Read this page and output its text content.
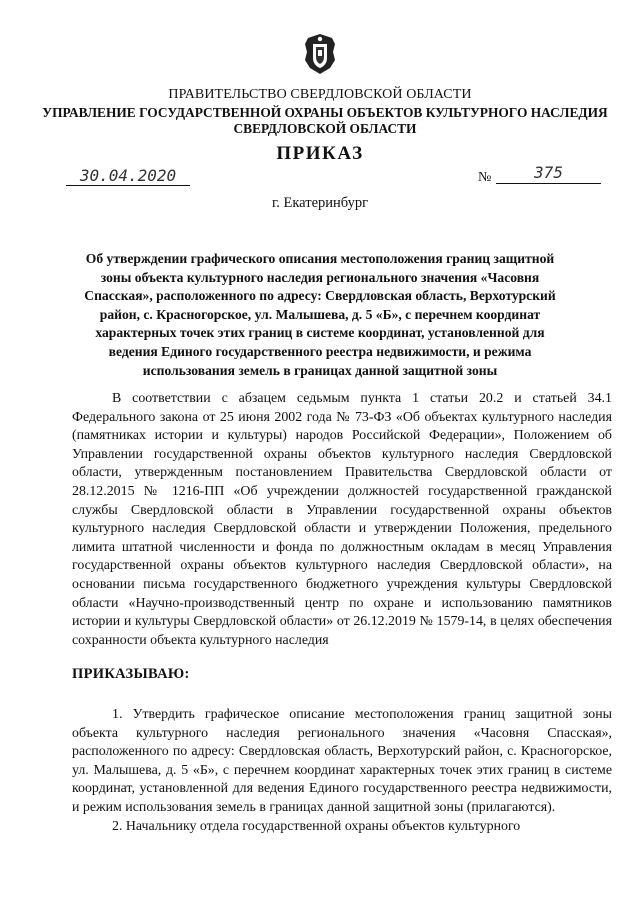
ПРАВИТЕЛЬСТВО СВЕРДЛОВСКОЙ ОБЛАСТИ
УПРАВЛЕНИЕ ГОСУДАРСТВЕННОЙ ОХРАНЫ ОБЪЕКТОВ КУЛЬТУРНОГО НАСЛЕДИЯ СВЕРДЛОВСКОЙ ОБЛАСТИ
ПРИКАЗ
30.04.2020	№	375
г. Екатеринбург
Об утверждении графического описания местоположения границ защитной зоны объекта культурного наследия регионального значения «Часовня Спасская», расположенного по адресу: Свердловская область, Верхотурский район, с. Красногорское, ул. Малышева, д. 5 «Б», с перечнем координат характерных точек этих границ в системе координат, установленной для ведения Единого государственного реестра недвижимости, и режима использования земель в границах данной защитной зоны

В соответствии с абзацем седьмым пункта 1 статьи 20.2 и статьей 34.1 Федерального закона от 25 июня 2002 года № 73-ФЗ «Об объектах культурного наследия (памятниках истории и культуры) народов Российской Федерации», Положением об Управлении государственной охраны объектов культурного наследия Свердловской области, утвержденным постановлением Правительства Свердловской области от 28.12.2015 № 1216-ПП «Об учреждении должностей государственной гражданской службы Свердловской области в Управлении государственной охраны объектов культурного наследия Свердловской области и утверждении Положения, предельного лимита штатной численности и фонда по должностным окладам в месяц Управления государственной охраны объектов культурного наследия Свердловской области», на основании письма государственного бюджетного учреждения культуры Свердловской области «Научно-производственный центр по охране и использованию памятников истории и культуры Свердловской области» от 26.12.2019 № 1579-14, в целях обеспечения сохранности объекта культурного наследия

ПРИКАЗЫВАЮ:

1. Утвердить графическое описание местоположения границ защитной зоны объекта культурного наследия регионального значения «Часовня Спасская», расположенного по адресу: Свердловская область, Верхотурский район, с. Красногорское, ул. Малышева, д. 5 «Б», с перечнем координат характерных точек этих границ в системе координат, установленной для ведения Единого государственного реестра недвижимости, и режим использования земель в границах данной защитной зоны (прилагаются).

2. Начальнику отдела государственной охраны объектов культурного
